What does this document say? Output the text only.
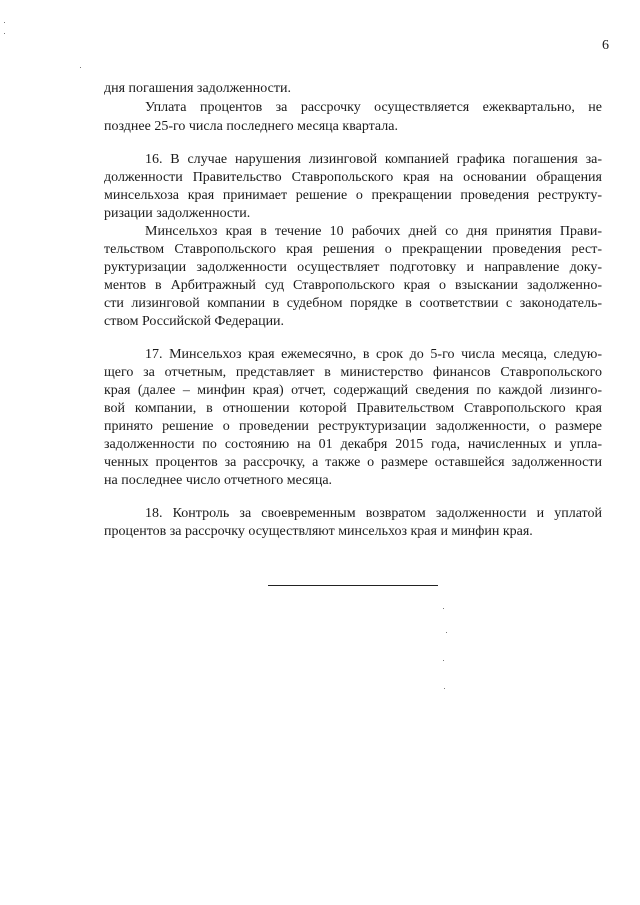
6
дня погашения задолженности.
Уплата процентов за рассрочку осуществляется ежеквартально, не
позднее 25-го числа последнего месяца квартала.
16. В случае нарушения лизинговой компанией графика погашения за-
долженности Правительство Ставропольского края на основании обращения
минсельхоза края принимает решение о прекращении проведения реструкту-
ризации задолженности.
Минсельхоз края в течение 10 рабочих дней со дня принятия Прави-
тельством Ставропольского края решения о прекращении проведения рест-
руктуризации задолженности осуществляет подготовку и направление доку-
ментов в Арбитражный суд Ставропольского края о взыскании задолженно-
сти лизинговой компании в судебном порядке в соответствии с законодатель-
ством Российской Федерации.
17. Минсельхоз края ежемесячно, в срок до 5-го числа месяца, следую-
щего за отчетным, представляет в министерство финансов Ставропольского
края (далее – минфин края) отчет, содержащий сведения по каждой лизинго-
вой компании, в отношении которой Правительством Ставропольского края
принято решение о проведении реструктуризации задолженности, о размере
задолженности по состоянию на 01 декабря 2015 года, начисленных и упла-
ченных процентов за рассрочку, а также о размере оставшейся задолженности
на последнее число отчетного месяца.
18. Контроль за своевременным возвратом задолженности и уплатой
процентов за рассрочку осуществляют минсельхоз края и минфин края.
